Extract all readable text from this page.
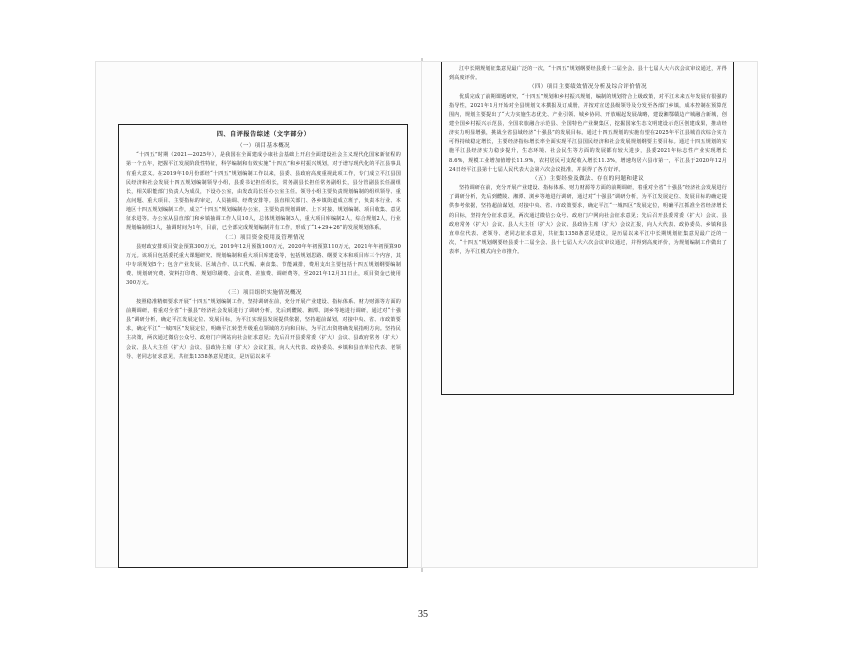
四、自评报告综述（文字部分）
（一）项目基本概况

“十四五”时期（2021—2025年），是我国在全面建成小康社会基础上开启全面建设社会主义现代化国家新征程的第一个五年，把握平江发展阶段性特征，科学编制和有效实施“十四五”和乡村振兴规划，对于谱写现代化的平江县事具有重大意义。在2019年10月份部经“十四五”规划编制工作以来，县委、县政府高度重视此项工作，专门成立平江县国民经济和社会发展十四五规划编制领导小组，县委书记担任组长，常务副县长担任常务副组长，县分管副县长任副组长，相关职能部门负责人为成员，下设办公室，由发改局长任办公室主任。领导小组主要负责规划编制的组织领导、重点问题、重大项目、主要指标的审定，人员抽调、经费安排等。县直相关部门、各乡镇街道成立班子，负责本行业、本地区十四五规划编制工作，成立“十四五”规划编制办公室，主要负责规划调研、上下对接、规划编制、项目收集、意见征求进等。办公室从县直部门和乡镇抽调工作人员10人，总体规划编制3人，重大项目库编制2人，综合规划2人，行业规划编制组3人，抽调时间为1年，目前，已全部完成规划编制并有工作，形成了“1+29+26”的发展规划体系。

（二）项目资金使用及管理情况

县财政安排项目资金预算300万元，2019年12月预拨100万元，2020年年初预算110万元，2021年年初预算90万元。该项目包括委托重大课题研究、规划编制和重大项目库建设等，包括规划思路、纲要文本和项目库三个内容，其中专项规划5个；包含产业发展、区域合作、以工代赈、素食集、节能减排，费用支出主要包括十四五规划纲要编制费、规划研究费、资料打印费、规划印刷费、会议费、差旅费、调研费等，至2021年12月31日止，项目资金已使用300万元。

（三）项目组织实施情况概况

按照稳准精细要求开展“十四五”规划编制工作，坚持调研在前，充分开展产业建设、指标体系、财力财源等方面的前期调研，着重对全省“十强县”经济社会发展进行了调研分析，先后到醴陵、湘潭、浏乡等地进行调研，通过对“十强县”调研分析，确定平江发展定位、发展目标，为平江实现县发展提供依据，坚持超前谋划，对接中央、省、市政策要求，确定平江“一城四区”发展定位，明确平江转型升级重点领域的方向和目标，为平江出资将确发展指明方向。坚持民主决策，两次通过微信公众号、政府门户网站向社会征求意见；先后召开县委常委（扩大）会议、县政府常务（扩大）会议、县人大主任（扩大）会议、县政协主席（扩大）会议汇报，向人大代表、政协委员、乡镇和县直单位代表、老领导、老同志征求意见，共征集1358条意见建议，是历届以来平

江中长期规划征集意见最广泛的一次，“十四五”规划纲要经县委十二届全会、县十七届人大六次会议审议通过，并得到高度评价。

（四）项目主要绩效情况分析及综合评价情况

优质完成了前期课题研究，“十四五”规划和乡村振兴规划，编制的规划符合上级政策，对平江未来五年发展有很强的指导性，2021年1月开始对全县规划文本撰报及订成册，并按对宣送县级领导及分发至各部门乡镇，成本控制在预算范围内，规划主要提出了“大力实施生态优先、产业引领、城乡协同、开放崛起发展战略，建设湘鄂赣边产城融合新城，创建全国乡村振兴示范县，全国农旅融合示范县、全国特色产业聚集区，挖掘国家生态文明建设示范区创建成果，推动经济实力明显增强，挑战全省县域经济“十强县”的发展目标。通过十四五规划的实施有望在2025年平江县城首次综合实力可得持续稳定增长，主要经济指标增长率全面实现平江县国民经济和社会发展规划纲要主要目标。通过十四五规划的实施平江县经济实力稳步提升，生态环境、社会民生等方面的发展都有较大进步，县委2021年标志性产业实现增长8.6%，规模工业增加值增长11.9%，农村居民可支配收入增长11.3%，增速均居六县市第一，平江县于2020年12月24日经平江县第十七届人民代表大会第六次会议批准，并获得了各方好评。

（五）主要经验及做法、存在的问题和建议

坚持调研在前，充分开展产业建设、指标体系、财力财源等方面的前期调研，着重对全省“十强县”经济社会发展进行了调研分析，先后到醴陵、湘潭、浏乡等地进行调研，通过对“十强县”调研分析，为平江发展定位、发展目标的确定提供参考依据，坚持超前谋划，对接中央、省、市政策要求，确定平江“一城四区”发展定位，明确平江抓准全省经济增长的目标，坚持充分征求意见，两次通过微信公众号、政府门户网向社会征求意见；先后召开县委常委（扩大）会议、县政府常务（扩大）会议、县人大主任（扩大）会议、县政协主席（扩大）会议汇报，向人大代表、政协委员、乡镇和县直单位代表、老领导、老同志征求意见，共征集1358条意见建议，是历届以来平江中长期规划征集意见最广泛的一次，“十四五”规划纲要经县委十二届全会、县十七届人大六次会议审议通过，并得到高度评价，为规划编制工作做出了表率，为平江模式向全市推介。

35
